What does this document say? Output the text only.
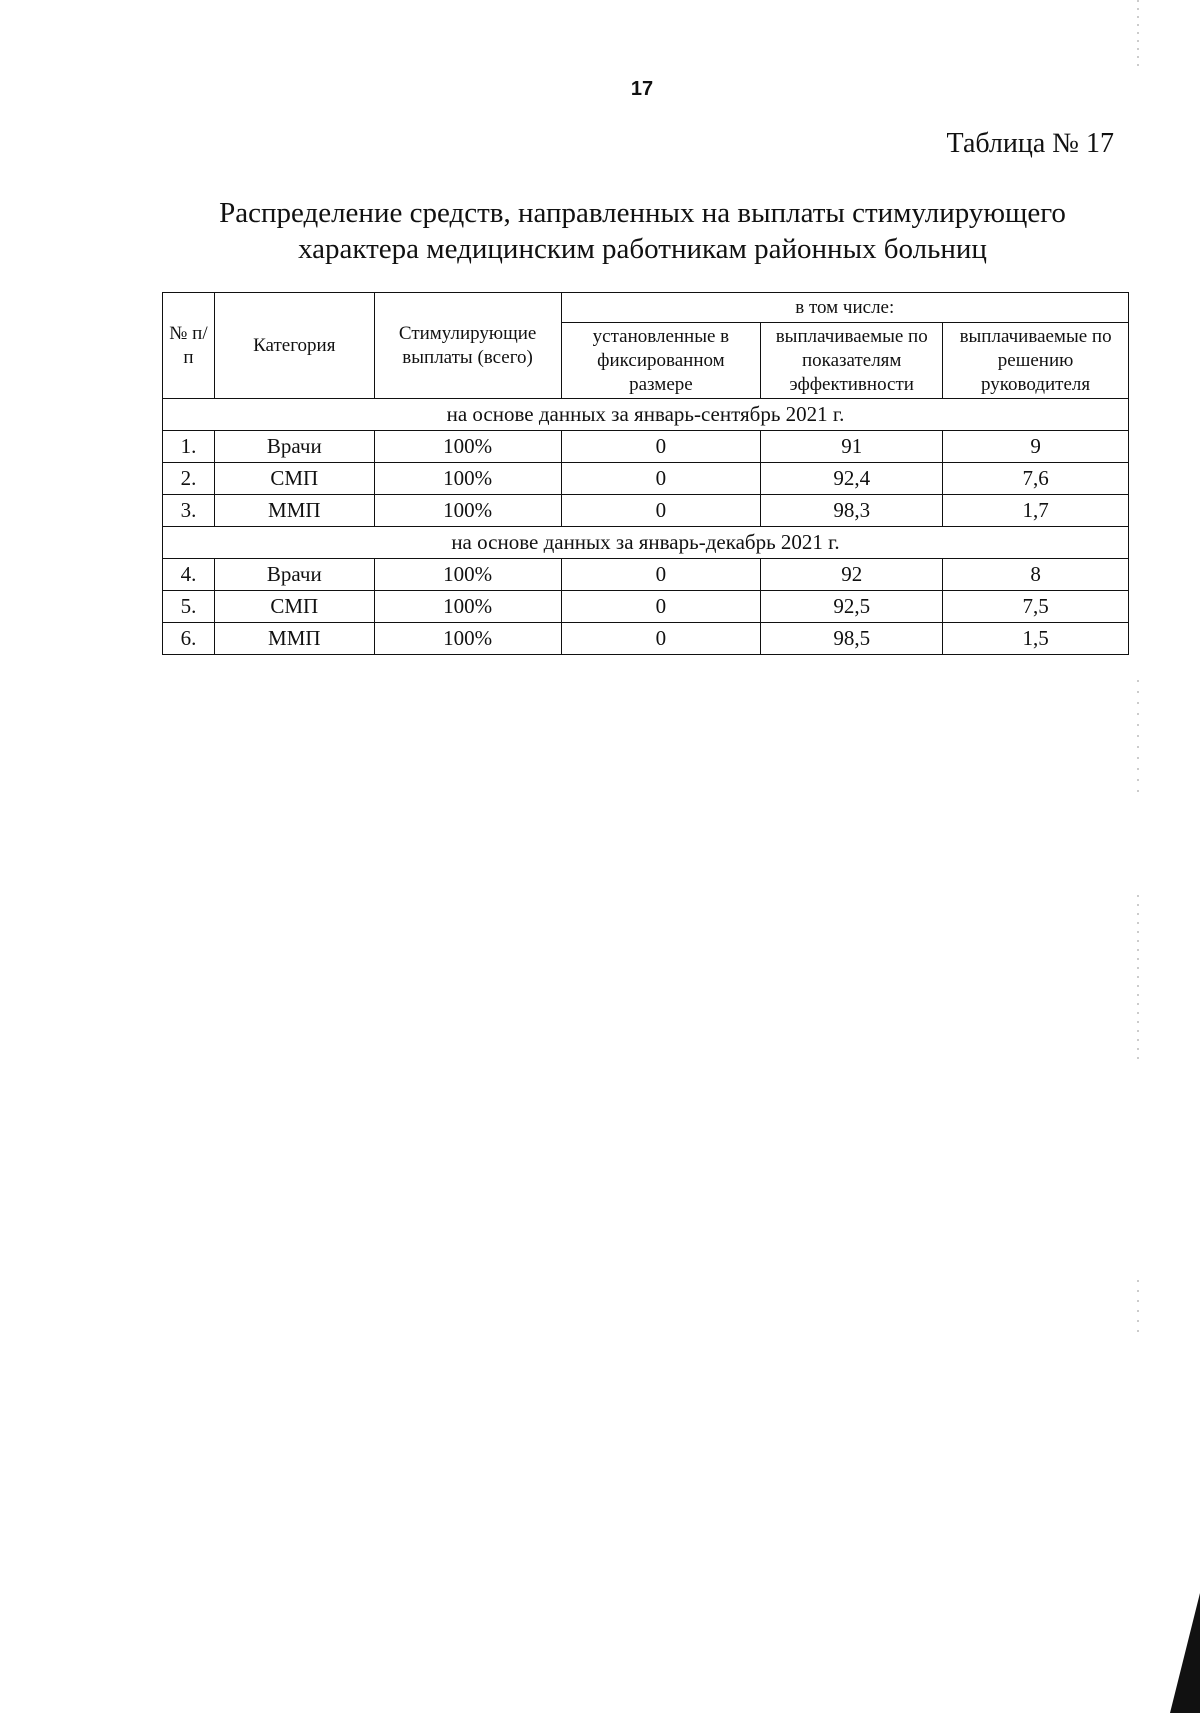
17
Таблица № 17
Распределение средств, направленных на выплаты стимулирующего
характера медицинским работникам районных больниц
№ п/п	Категория	Стимулирующие выплаты (всего)	в том числе:		
			установленные в фиксированном размере	выплачиваемые по показателям эффективности	выплачиваемые по решению руководителя
на основе данных за январь-сентябрь 2021 г.					
1.	Врачи	100%	0	91	9
2.	СМП	100%	0	92,4	7,6
3.	ММП	100%	0	98,3	1,7
на основе данных за январь-декабрь 2021 г.					
4.	Врачи	100%	0	92	8
5.	СМП	100%	0	92,5	7,5
6.	ММП	100%	0	98,5	1,5
